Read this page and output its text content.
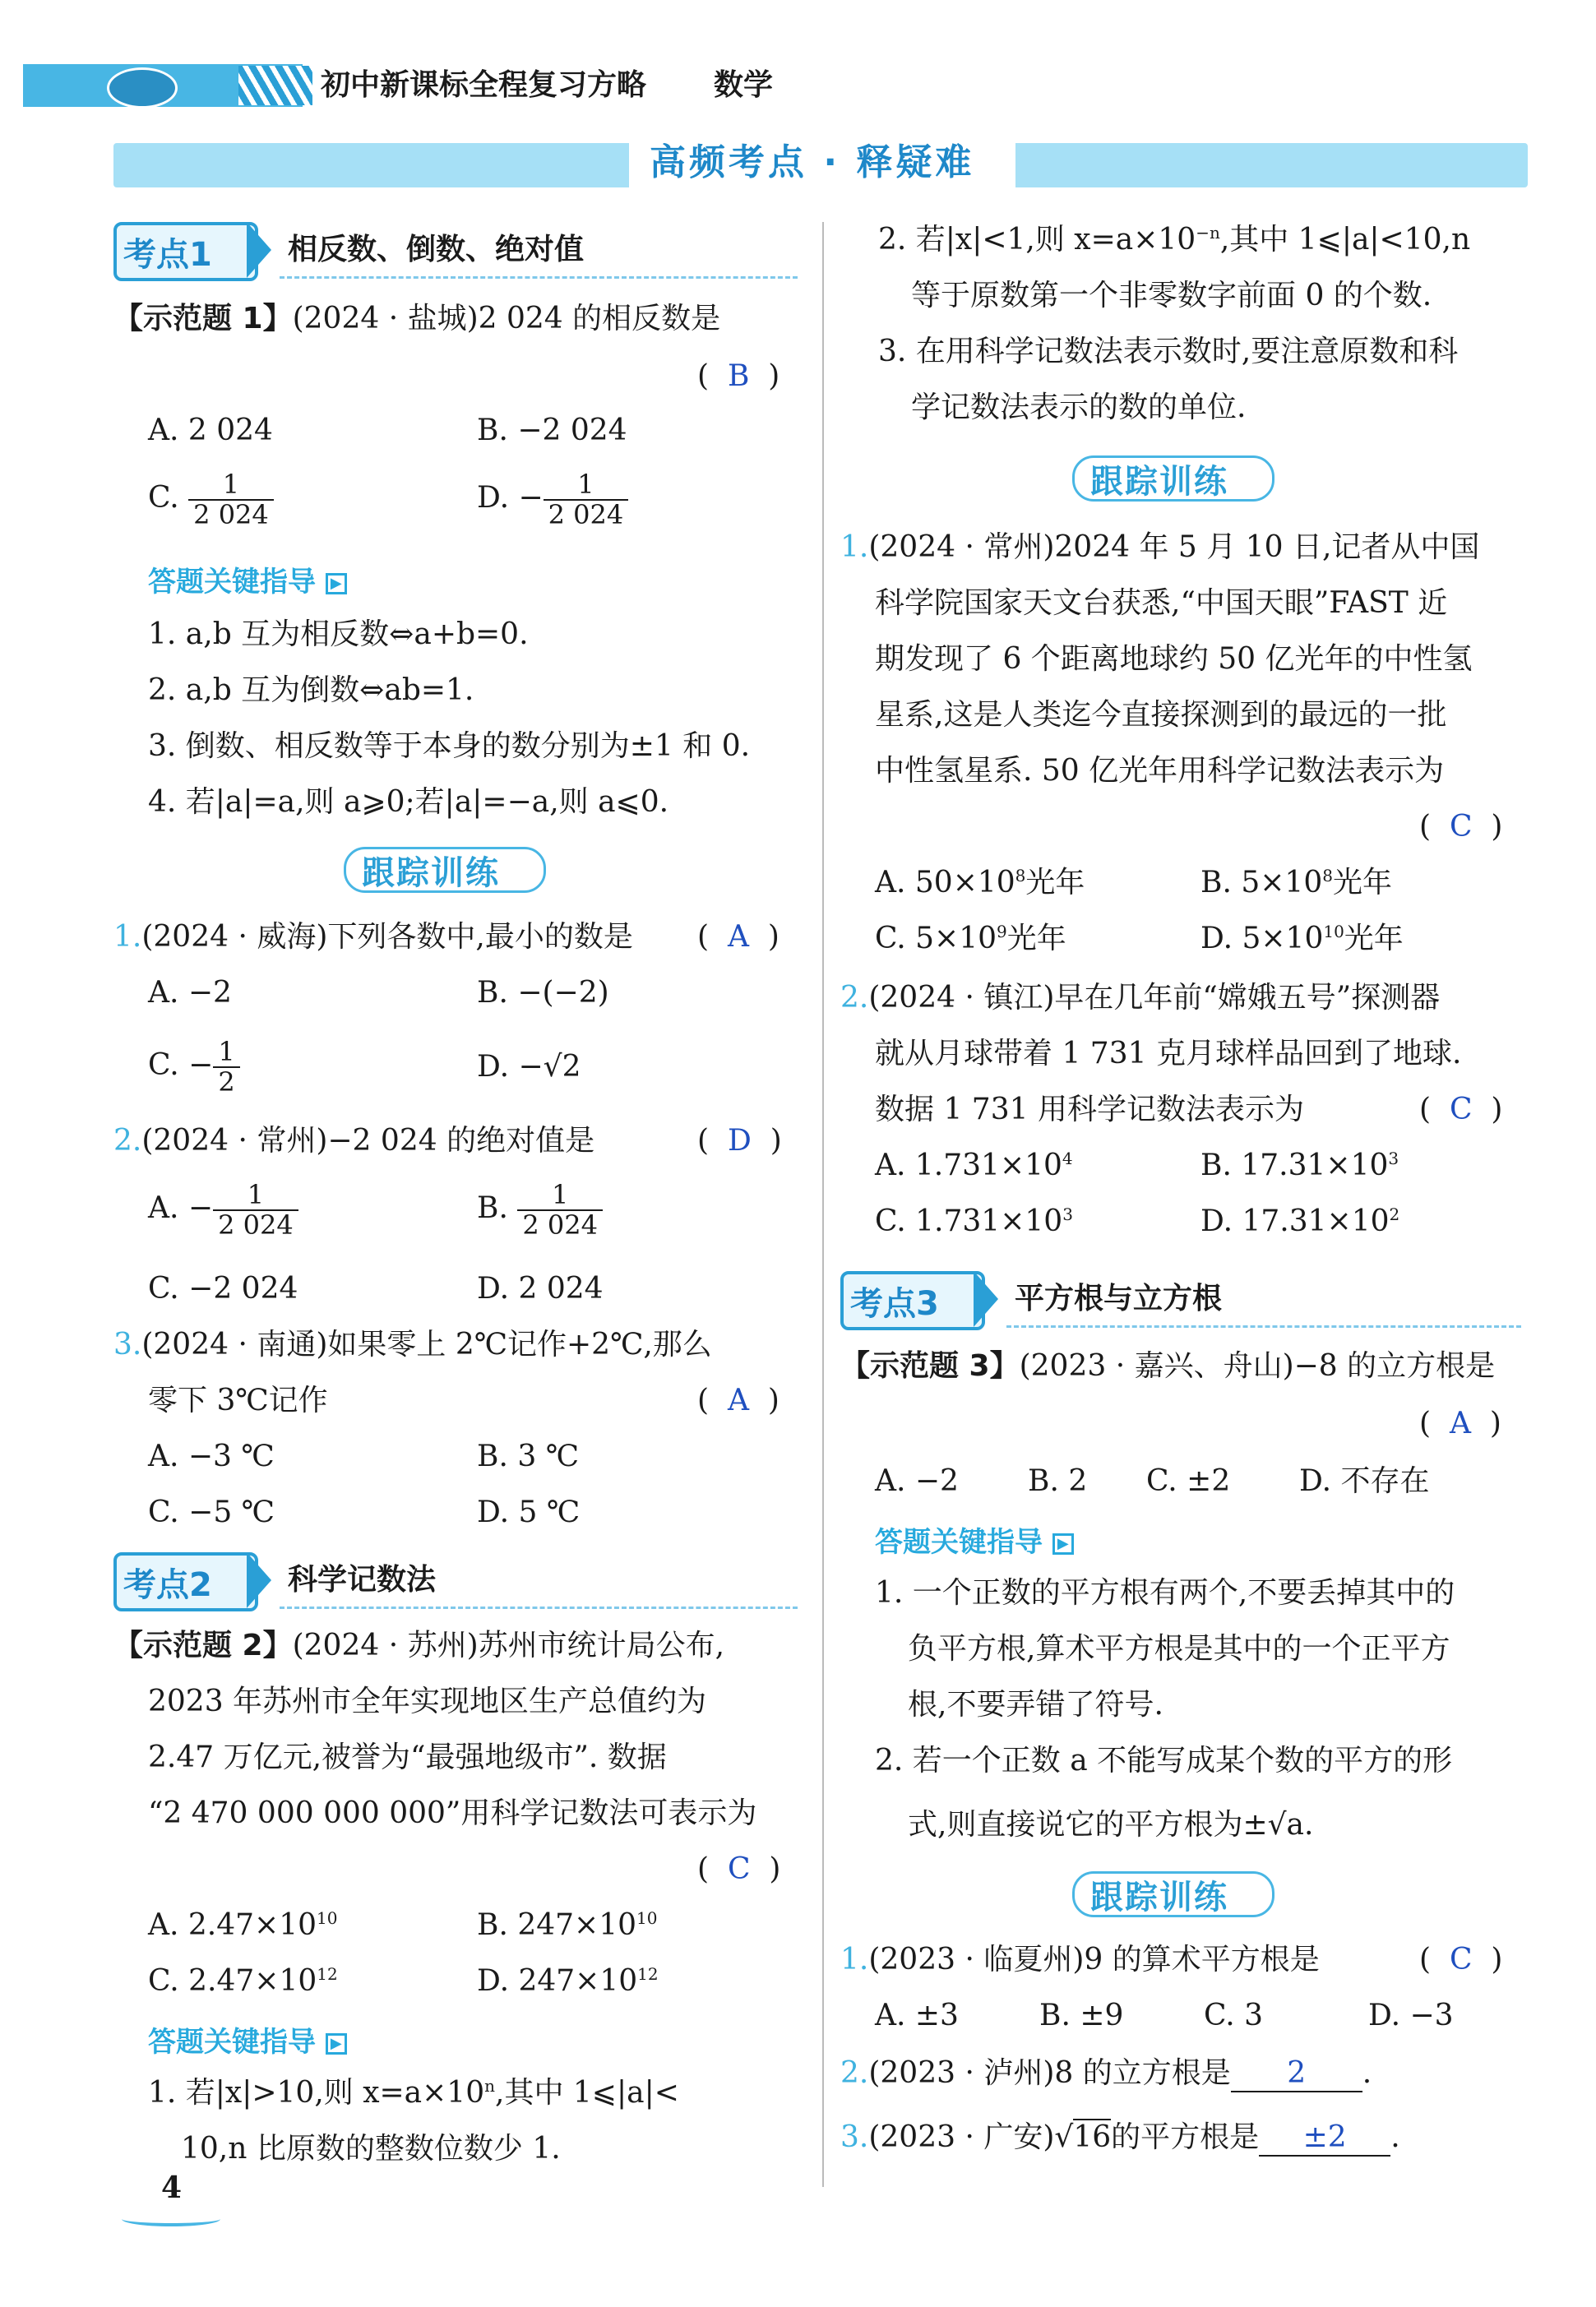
初中新课标全程复习方略 数学
高频考点 · 释疑难
考点1	相反数、倒数、绝对值
【示范题 1】(2024 · 盐城)2 024 的相反数是
(  B  )
A. 2 024	B. −2 024
C. $\frac{1}{2 024}$	D. − $\frac{1}{2 024}$
答题关键指导 ▶
1. a,b 互为相反数⇔a+b=0.
2. a,b 互为倒数⇔ab=1.
3. 倒数、相反数等于本身的数分别为±1 和 0.
4. 若|a|=a,则 a⩾0;若|a|=−a,则 a⩽0.
跟踪训练
1.(2024 · 威海)下列各数中,最小的数是 (  A  )
A. −2	B. −(−2)
C. − $\frac{1}{2}$	D. −√2
2.(2024 · 常州)−2 024 的绝对值是	(  D  )
A. − $\frac{1}{2 024}$	B. $\frac{1}{2 024}$
C. −2 024	D. 2 024
3.(2024 · 南通)如果零上 2℃记作+2℃,那么
零下 3℃记作	(  A  )
A. −3 ℃	B. 3 ℃
C. −5 ℃	D. 5 ℃
考点2	科学记数法
【示范题 2】(2024 · 苏州)苏州市统计局公布,
2023 年苏州市全年实现地区生产总值约为
2.47 万亿元,被誉为“最强地级市”. 数据
“2 470 000 000 000”用科学记数法可表示为
(  C  )
A. $2.47\times 10^{10}$	B. $247\times 10^{10}$
C. $2.47\times 10^{12}$	D. $247\times 10^{12}$
答题关键指导 ▶
1. 若|x|>10,则 $x=a\times 10^n$,其中 1⩽|a|<
10,n 比原数的整数位数少 1.
4
2. 若|x|<1,则 $x=a\times 10^{-n}$,其中 1⩽|a|<10,n
等于原数第一个非零数字前面 0 的个数.
3. 在用科学记数法表示数时,要注意原数和科
学记数法表示的数的单位.
跟踪训练
1.(2024 · 常州)2024 年 5 月 10 日,记者从中国
科学院国家天文台获悉,“中国天眼”FAST 近
期发现了 6 个距离地球约 50 亿光年的中性氢
星系,这是人类迄今直接探测到的最远的一批
中性氢星系. 50 亿光年用科学记数法表示为
(  C  )
A. $50\times 10^8$光年	B. $5\times 10^8$光年
C. $5\times 10^9$光年	D. $5\times 10^{10}$光年
2.(2024 · 镇江)早在几年前“嫦娥五号”探测器
就从月球带着 1 731 克月球样品回到了地球.
数据 1 731 用科学记数法表示为	(  C  )
A. $1.731\times 10^4$	B. $17.31\times 10^3$
C. $1.731\times 10^3$	D. $17.31\times 10^2$
考点3	平方根与立方根
【示范题 3】(2023 · 嘉兴、舟山)−8 的立方根是
(  A  )
A. −2 B. 2 C. ±2 D. 不存在
答题关键指导 ▶
1. 一个正数的平方根有两个,不要丢掉其中的
负平方根,算术平方根是其中的一个正平方
根,不要弄错了符号.
2. 若一个正数 a 不能写成某个数的平方的形
式,则直接说它的平方根为±√a.
跟踪训练
1.(2023 · 临夏州)9 的算术平方根是	(  C  )
A. ±3	B. ±9	C. 3	D. −3
2.(2023 · 泸州)8 的立方根是 2 .
3.(2023 · 广安)√16的平方根是 ±2 .
